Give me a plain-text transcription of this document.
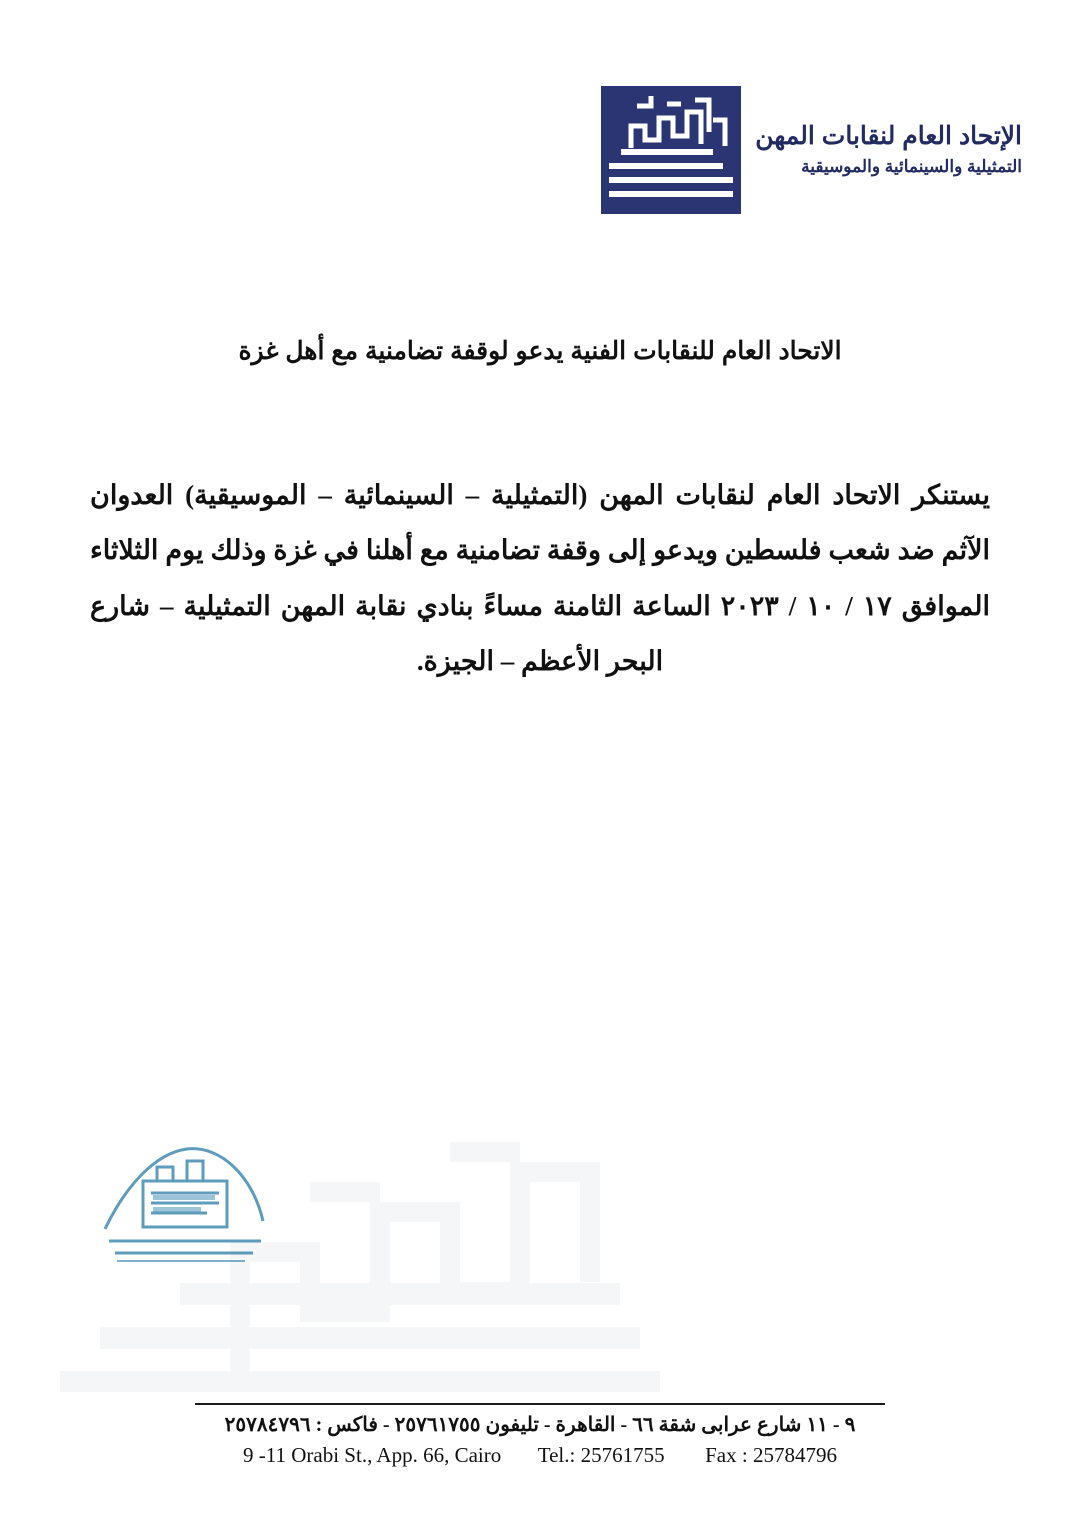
الإتحاد العام لنقابات المهن
التمثيلية والسينمائية والموسيقية
الاتحاد العام للنقابات الفنية يدعو لوقفة تضامنية مع أهل غزة
يستنكر الاتحاد العام لنقابات المهن (التمثيلية – السينمائية – الموسيقية) العدوان الآثم ضد شعب فلسطين ويدعو إلى وقفة تضامنية مع أهلنا في غزة وذلك يوم الثلاثاء الموافق ١٧ / ١٠ / ٢٠٢٣ الساعة الثامنة مساءً بنادي نقابة المهن التمثيلية – شارع البحر الأعظم – الجيزة.
٩ - ١١ شارع عرابى شقة ٦٦ - القاهرة - تليفون ٢٥٧٦١٧٥٥ - فاكس : ٢٥٧٨٤٧٩٦
9 -11 Orabi St., App. 66, Cairo Tel.: 25761755 Fax : 25784796
